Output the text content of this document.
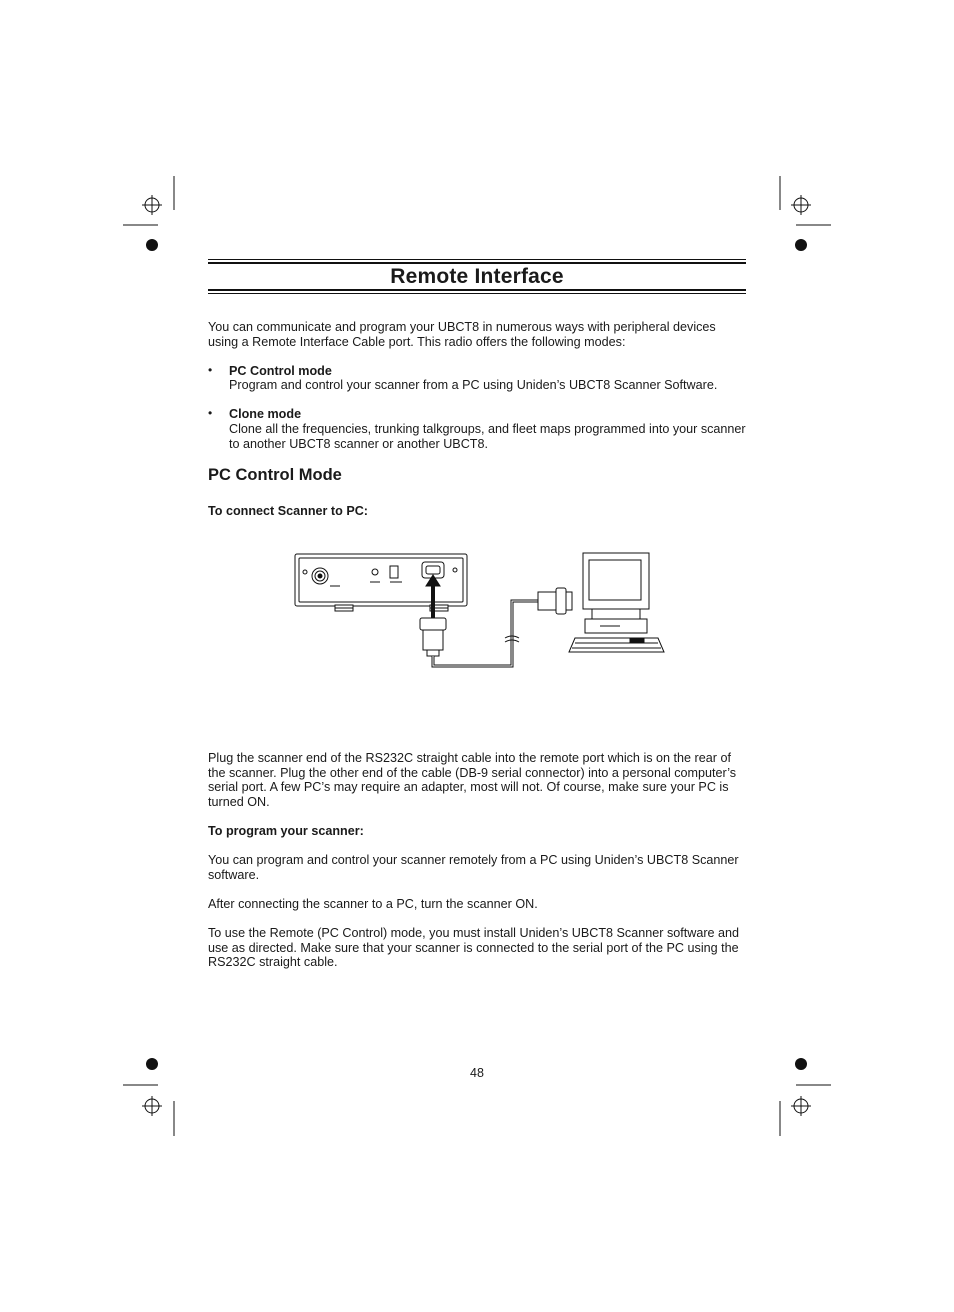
Remote Interface

You can communicate and program your UBCT8 in numerous ways with peripheral devices using a Remote Interface Cable port. This radio offers the following modes:

• PC Control mode

Program and control your scanner from a PC using Uniden’s UBCT8 Scanner Software.

• Clone mode

Clone all the frequencies, trunking talkgroups, and fleet maps programmed into your scanner to another UBCT8 scanner or another UBCT8.

PC Control Mode

To connect Scanner to PC:

Plug the scanner end of the RS232C straight cable into the remote port which is on the rear of the scanner. Plug the other end of the cable (DB-9 serial connector) into a personal computer’s serial port. A few PC’s may require an adapter, most will not. Of course, make sure your PC is turned ON.

To program your scanner:

You can program and control your scanner remotely from a PC using Uniden’s UBCT8 Scanner software.

After connecting the scanner to a PC, turn the scanner ON.

To use the Remote (PC Control) mode, you must install Uniden’s UBCT8 Scanner software and use as directed. Make sure that your scanner is connected to the serial port of the PC using the RS232C straight cable.

48
